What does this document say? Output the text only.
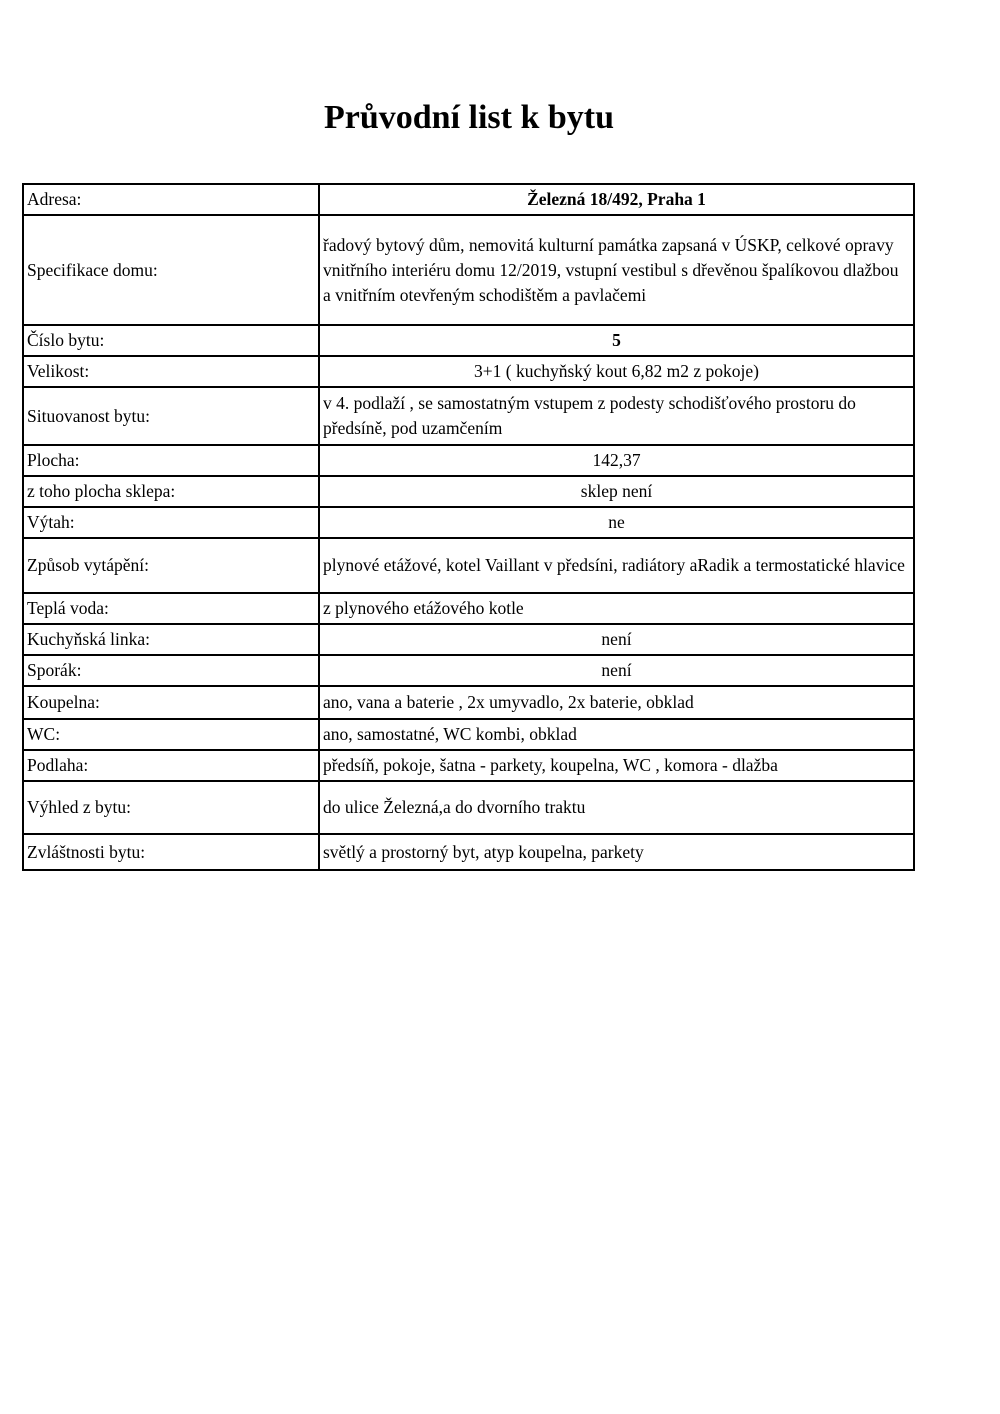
Průvodní list k bytu
Adresa:	Železná 18/492, Praha 1
Specifikace domu:	řadový bytový dům, nemovitá kulturní památka zapsaná v ÚSKP, celkové opravy vnitřního interiéru domu 12/2019, vstupní vestibul s dřevěnou špalíkovou dlažbou a vnitřním otevřeným schodištěm a pavlačemi
Číslo bytu:	5
Velikost:	3+1 ( kuchyňský kout 6,82 m2 z pokoje)
Situovanost bytu:	v 4. podlaží , se samostatným vstupem z podesty schodišťového prostoru do předsíně, pod uzamčením
Plocha:	142,37
z toho plocha sklepa:	sklep není
Výtah:	ne
Způsob vytápění:	plynové etážové, kotel Vaillant v předsíni, radiátory aRadik a termostatické hlavice
Teplá voda:	z plynového etážového kotle
Kuchyňská linka:	není
Sporák:	není
Koupelna:	ano, vana a baterie , 2x umyvadlo, 2x baterie, obklad
WC:	ano, samostatné, WC kombi, obklad
Podlaha:	předsíň, pokoje, šatna - parkety, koupelna, WC , komora - dlažba
Výhled z bytu:	do ulice Železná,a do dvorního traktu
Zvláštnosti bytu:	světlý a prostorný byt, atyp koupelna, parkety
